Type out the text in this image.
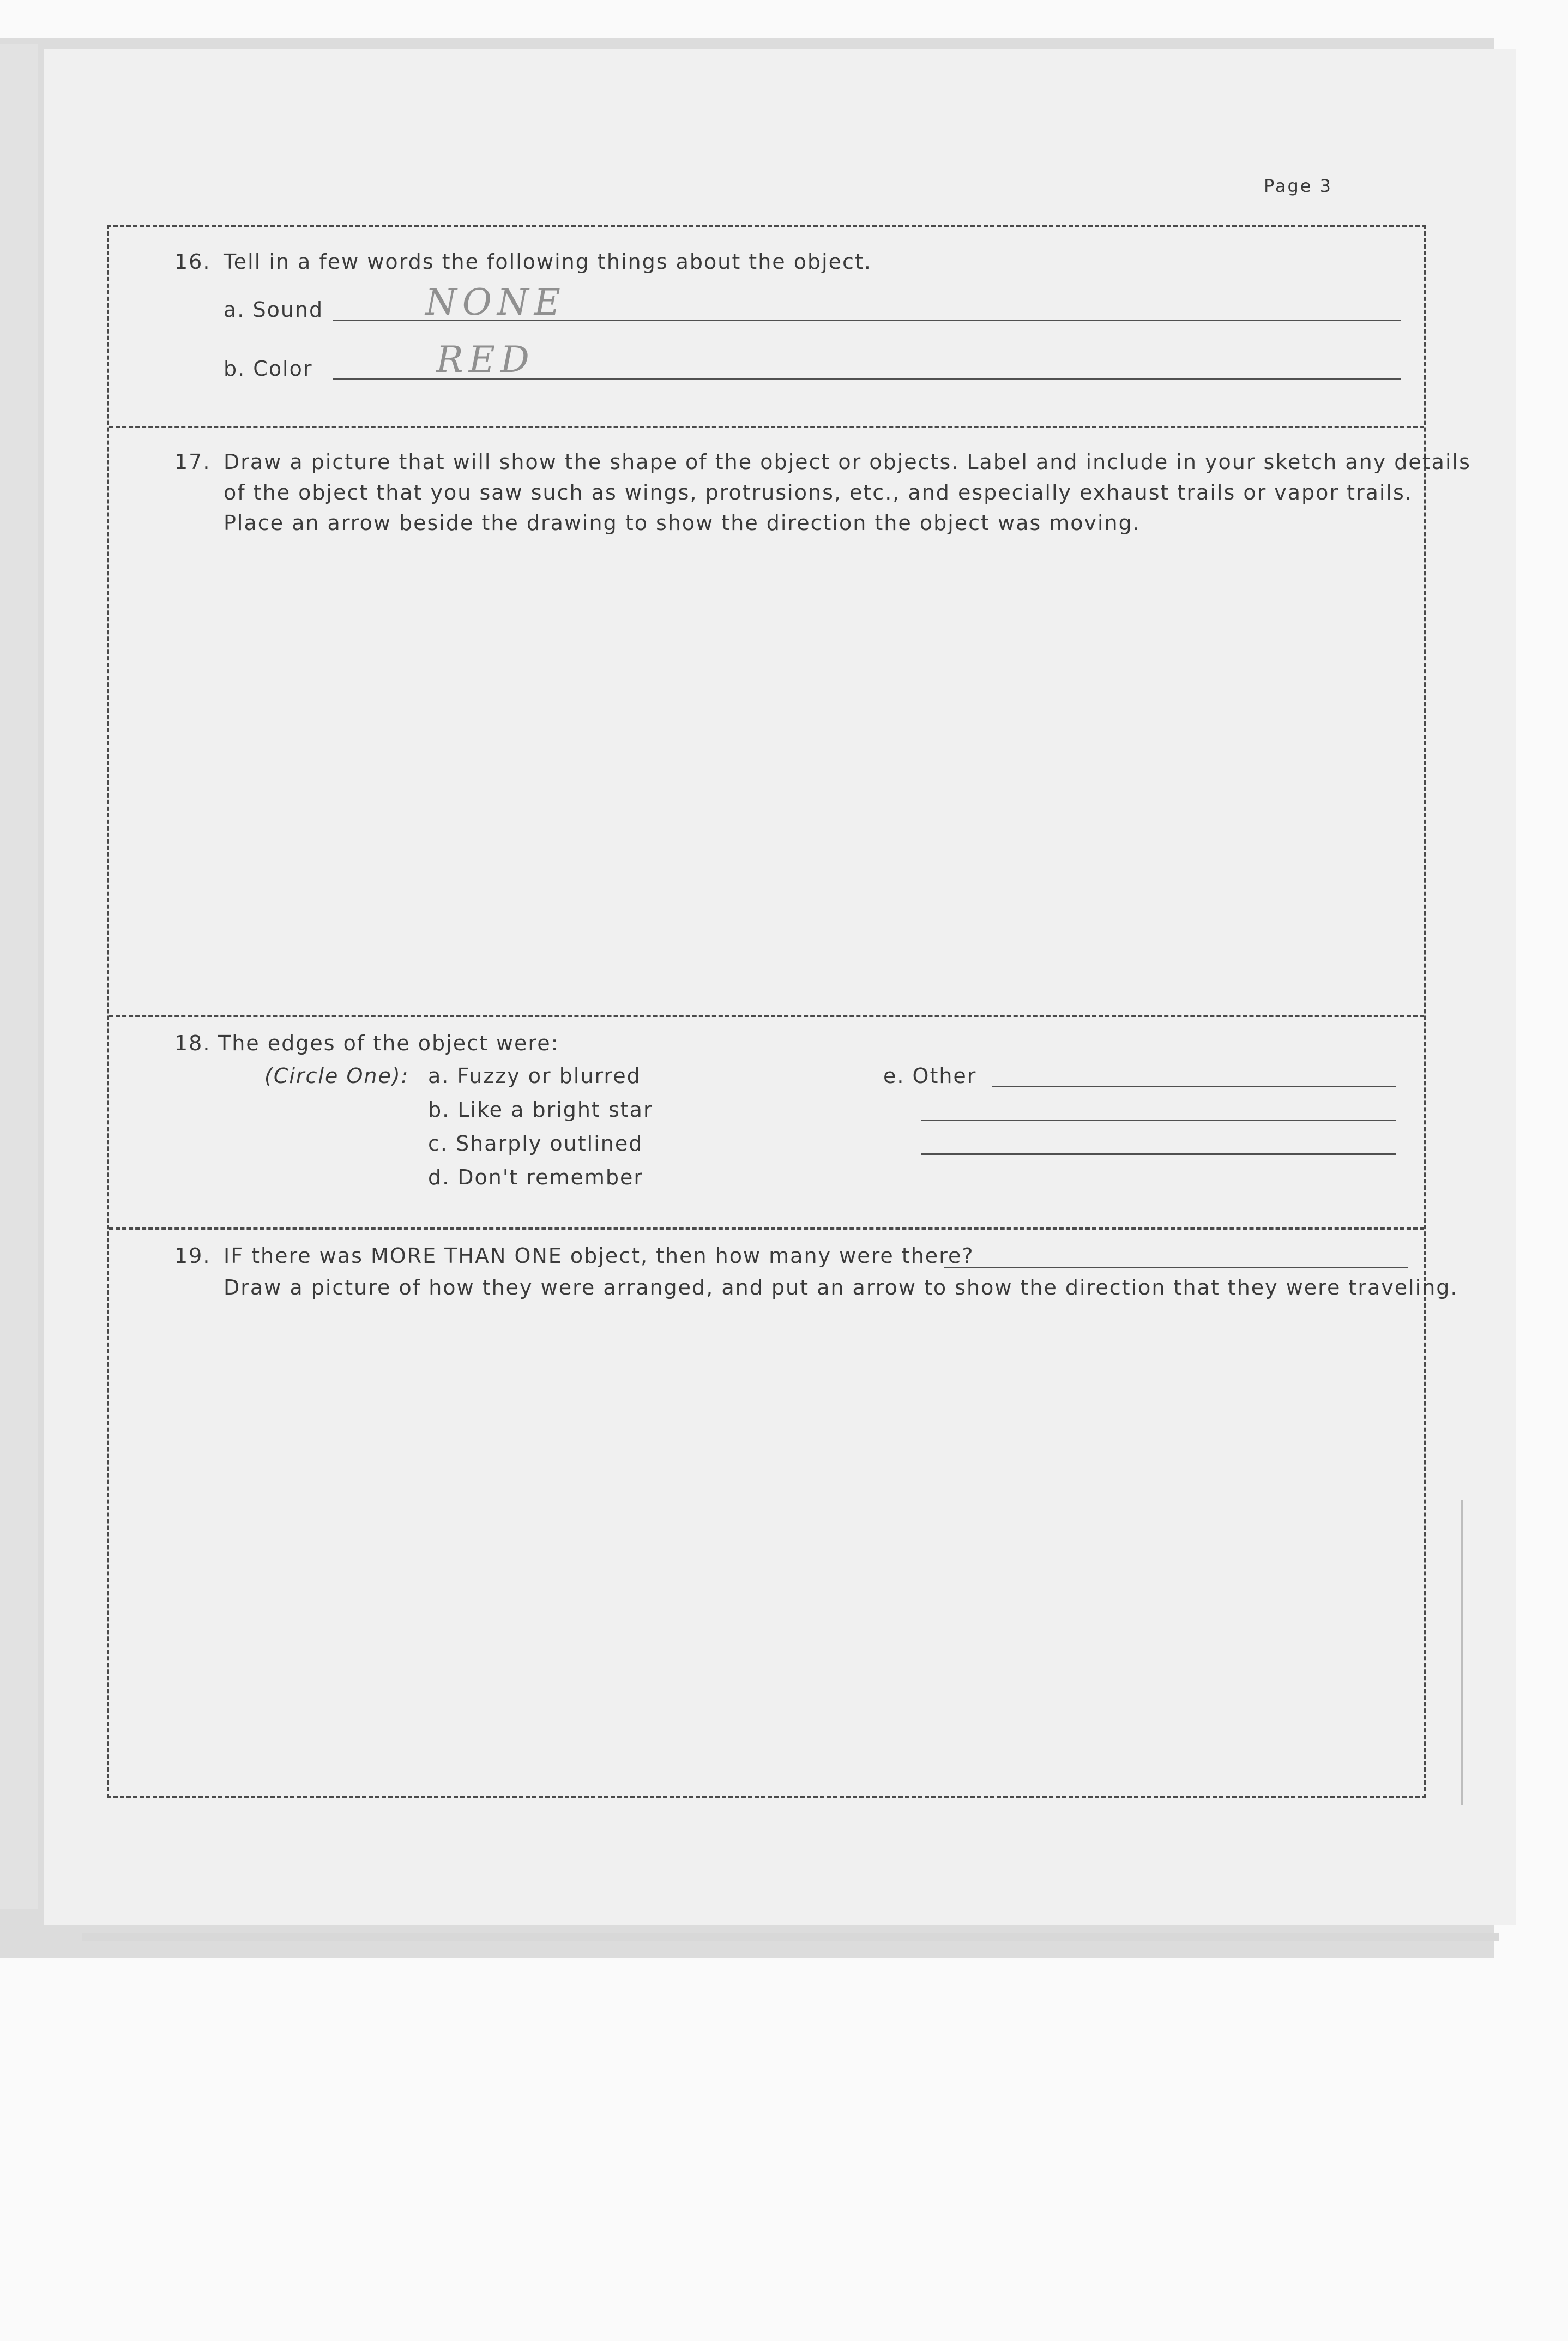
Page 3
16. Tell in a few words the following things about the object.
a. Sound	NONE
b. Color	RED
17. Draw a picture that will show the shape of the object or objects. Label and include in your sketch any details
of the object that you saw such as wings, protrusions, etc., and especially exhaust trails or vapor trails.
Place an arrow beside the drawing to show the direction the object was moving.
18. The edges of the object were:
(Circle One): a. Fuzzy or blurred
b. Like a bright star
c. Sharply outlined
d. Don't remember
e. Other
19. IF there was MORE THAN ONE object, then how many were there?
Draw a picture of how they were arranged, and put an arrow to show the direction that they were traveling.
